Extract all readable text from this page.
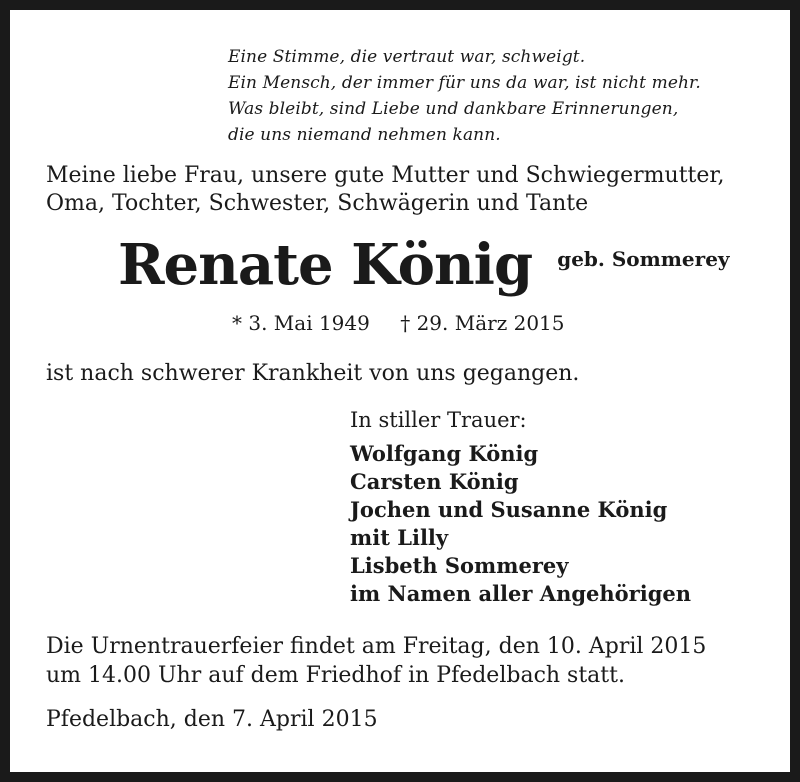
Eine Stimme, die vertraut war, schweigt.
Ein Mensch, der immer für uns da war, ist nicht mehr.
Was bleibt, sind Liebe und dankbare Erinnerungen,
die uns niemand nehmen kann.
Meine liebe Frau, unsere gute Mutter und Schwiegermutter,
Oma, Tochter, Schwester, Schwägerin und Tante
Renate König geb. Sommerey
* 3. Mai 1949 † 29. März 2015
ist nach schwerer Krankheit von uns gegangen.
In stiller Trauer:
Wolfgang König
Carsten König
Jochen und Susanne König
mit Lilly
Lisbeth Sommerey
im Namen aller Angehörigen
Die Urnentrauerfeier findet am Freitag, den 10. April 2015
um 14.00 Uhr auf dem Friedhof in Pfedelbach statt.
Pfedelbach, den 7. April 2015
